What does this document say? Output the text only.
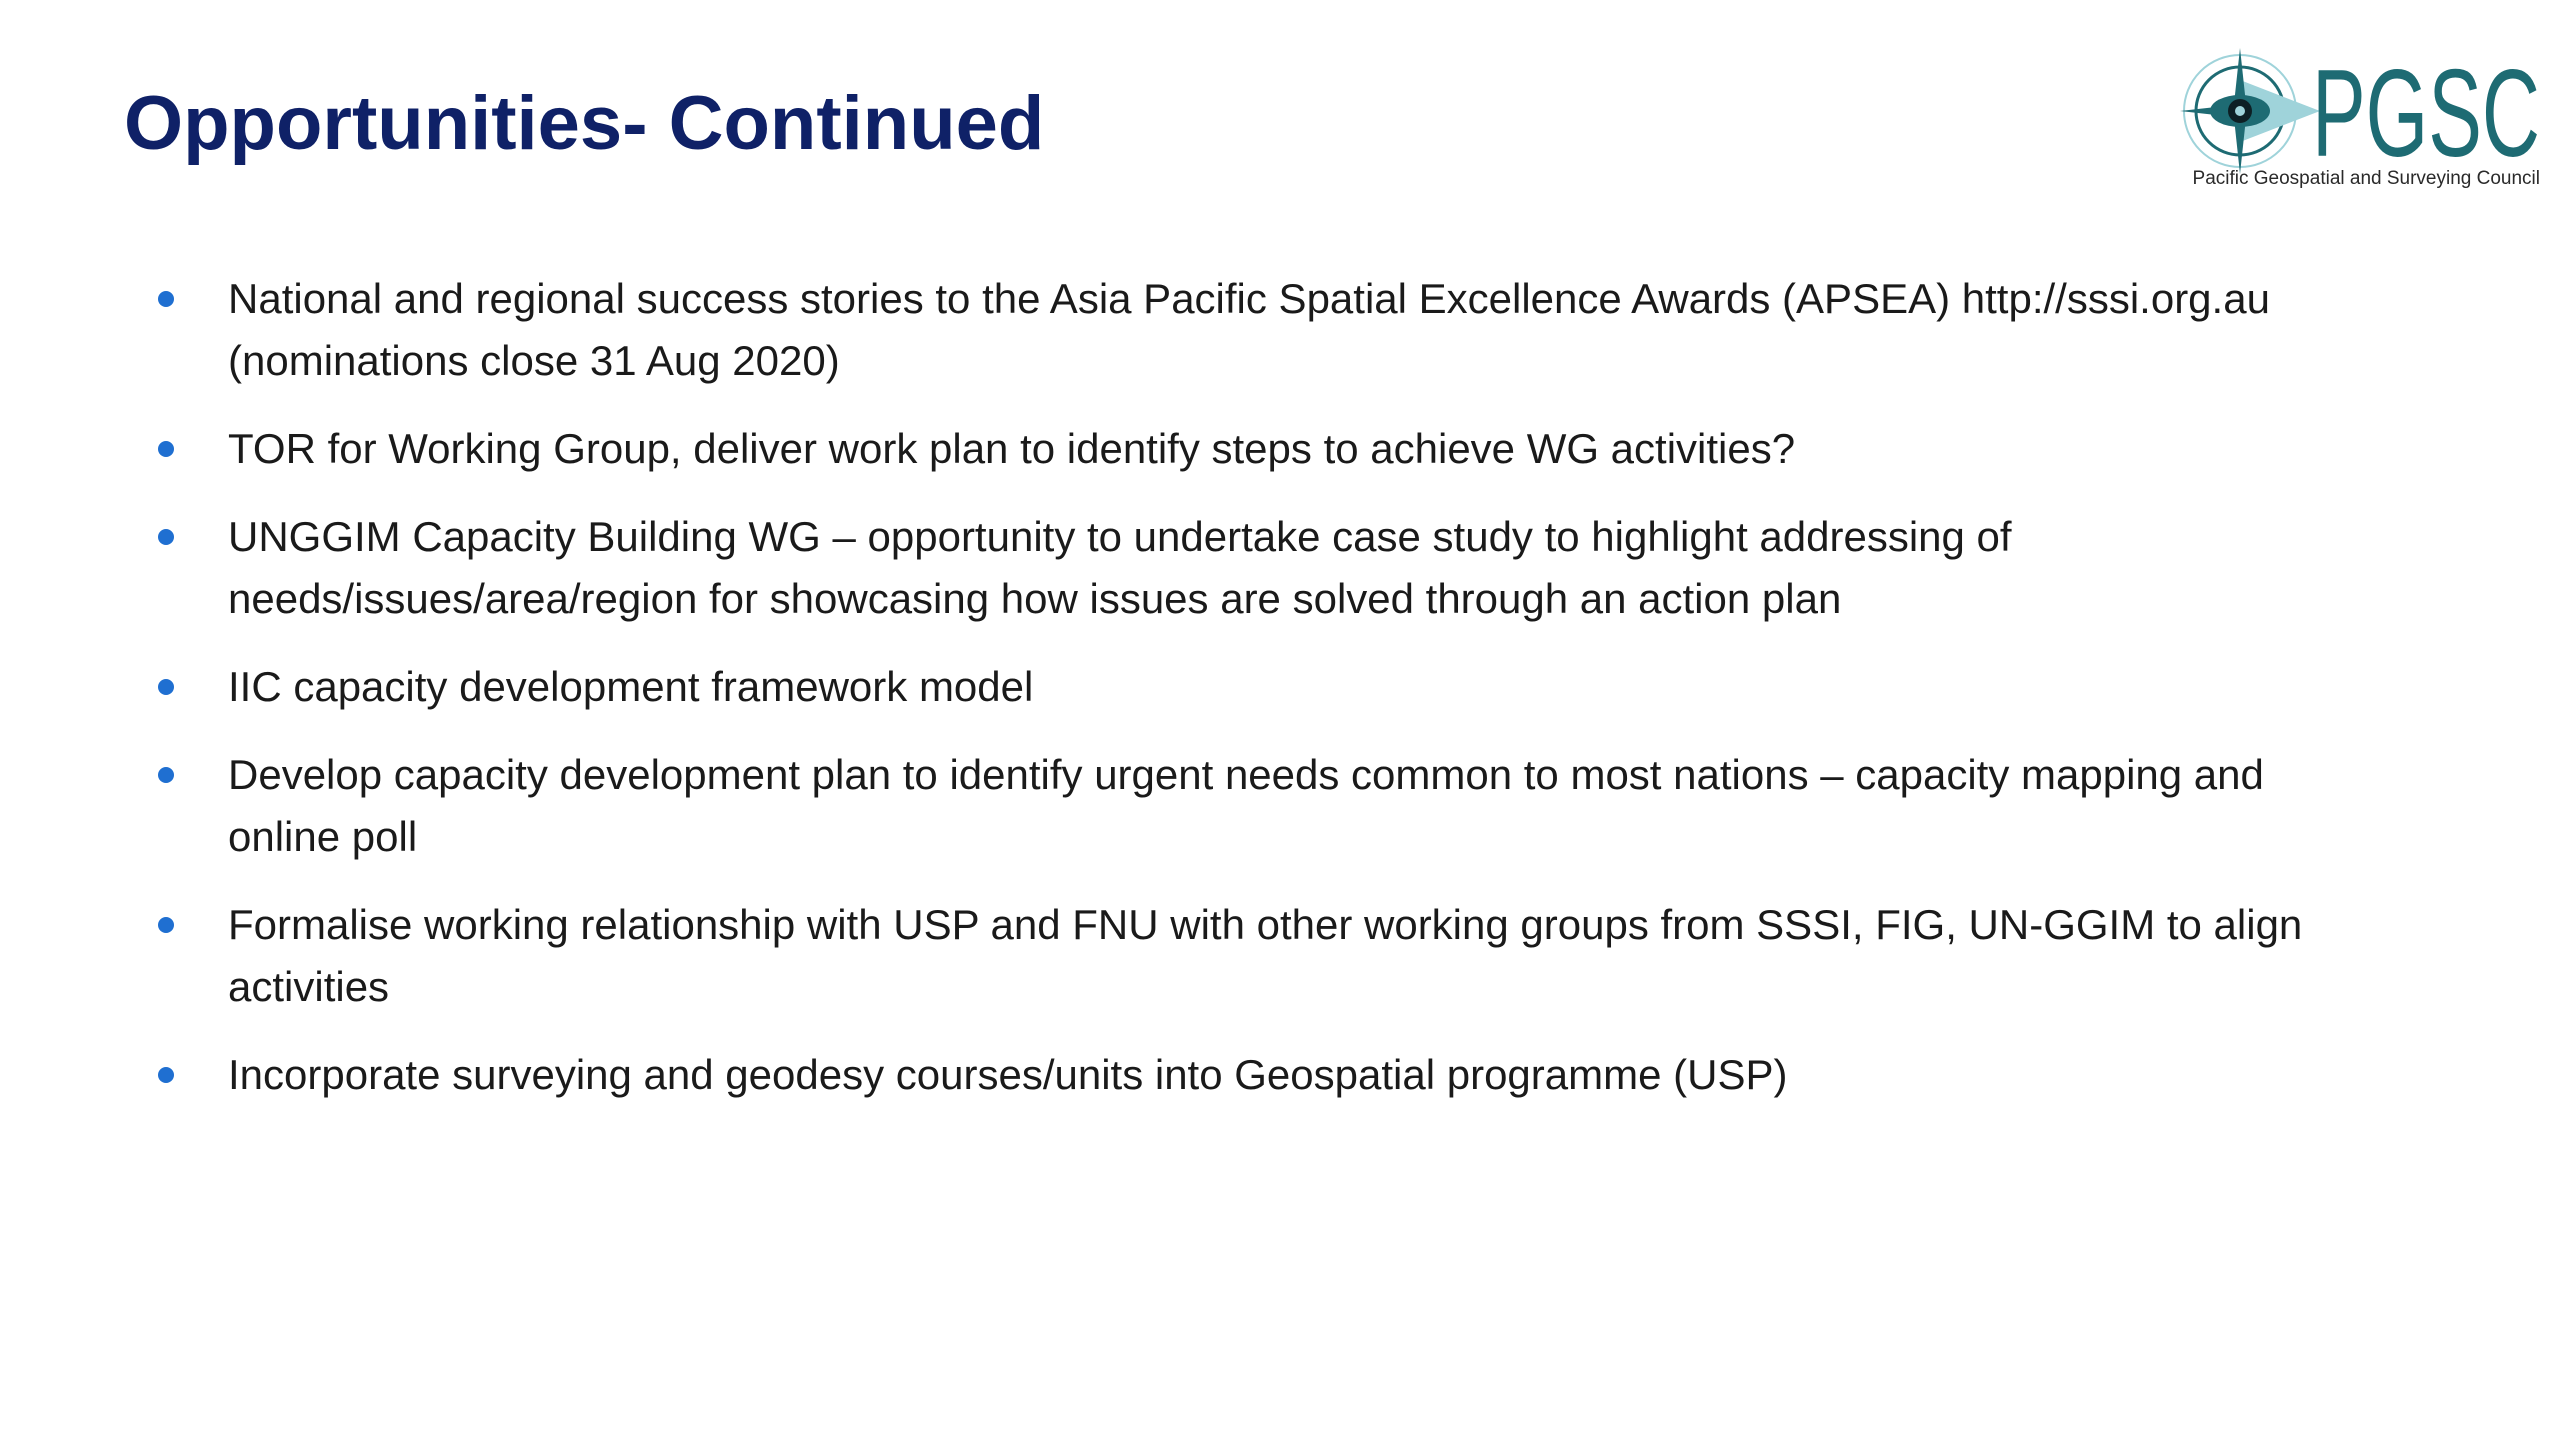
Opportunities- Continued	PGSC
Pacific Geospatial and Surveying Council
National and regional success stories to the Asia Pacific Spatial Excellence Awards (APSEA) http://sssi.org.au (nominations close 31 Aug 2020)
TOR for Working Group, deliver work plan to identify steps to achieve WG activities?
UNGGIM Capacity Building WG – opportunity to undertake case study to highlight addressing of needs/issues/area/region for showcasing how issues are solved through an action plan
IIC capacity development framework model
Develop capacity development plan to identify urgent needs common to most nations – capacity mapping and online poll
Formalise working relationship with USP and FNU with other working groups from SSSI, FIG, UN-GGIM to align activities
Incorporate surveying and geodesy courses/units into Geospatial programme (USP)
